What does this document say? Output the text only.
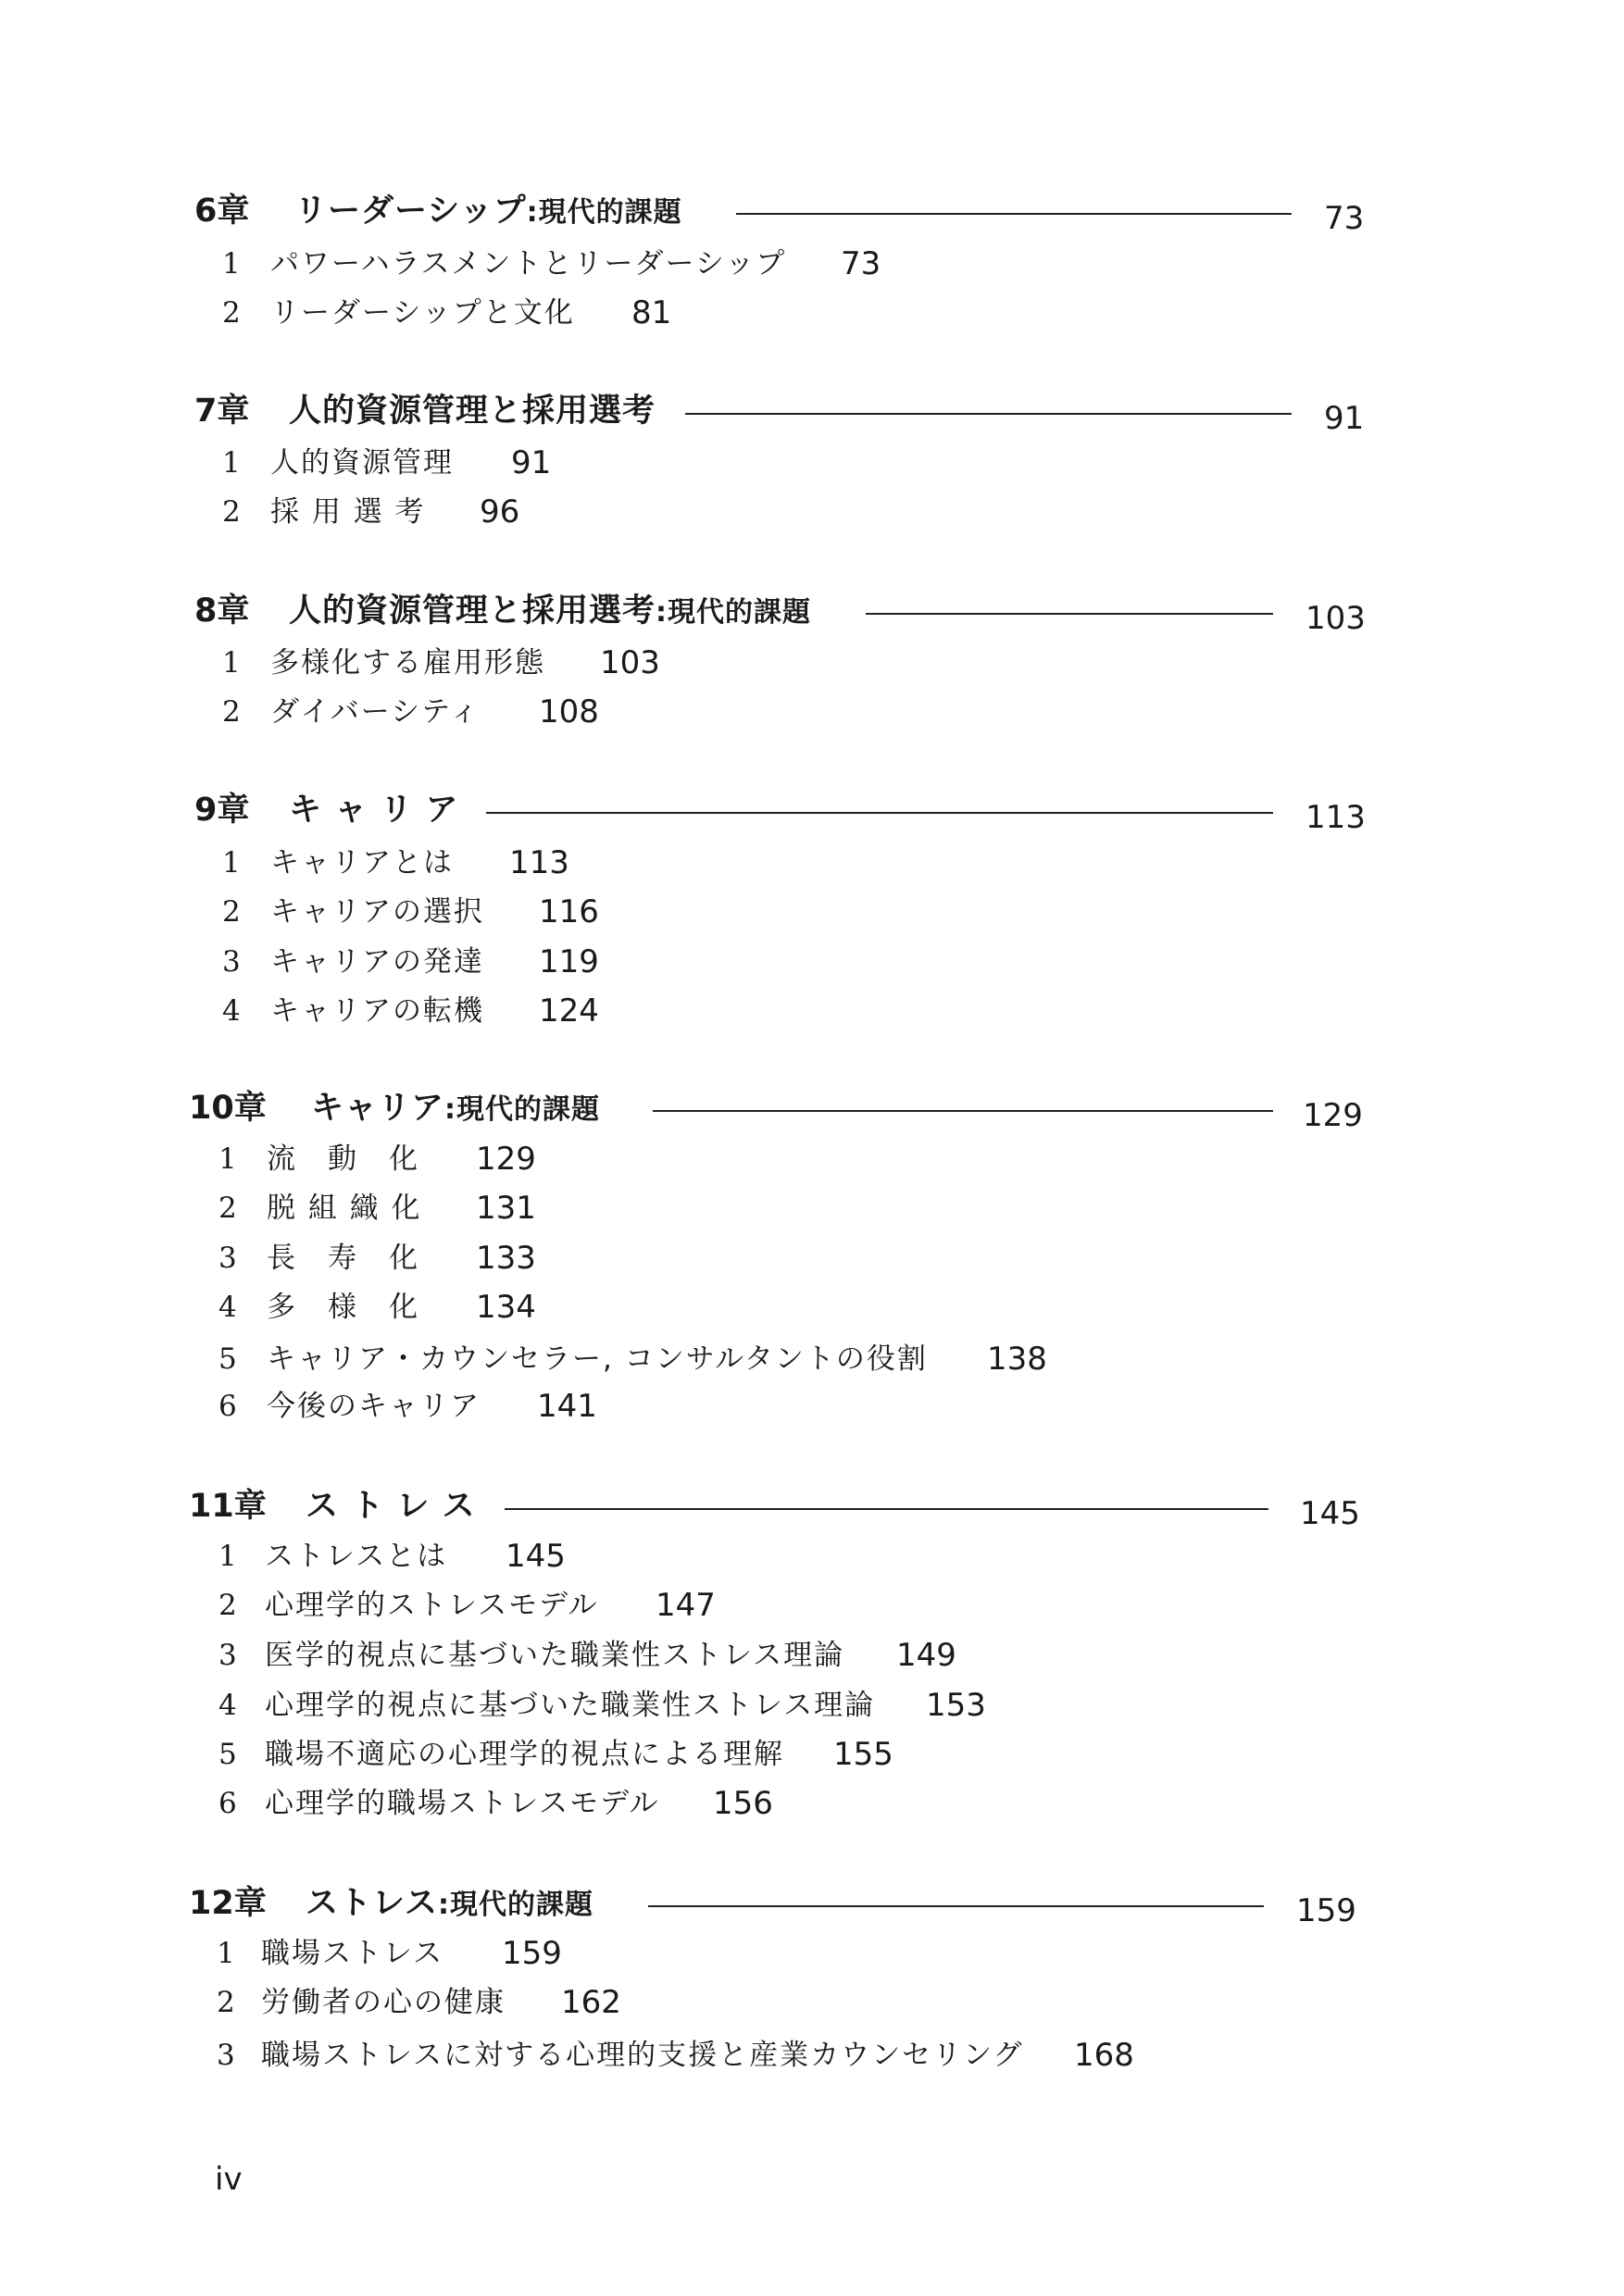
6章 リーダーシップ:現代的課題	73
1 パワーハラスメントとリーダーシップ 73
2 リーダーシップと文化 81
7章 人的資源管理と採用選考	91
1 人的資源管理 91
2 採 用 選 考 96
8章 人的資源管理と採用選考:現代的課題	103
1 多様化する雇用形態 103
2 ダイバーシティ 108
9章 キ ャ リ ア	113
1 キャリアとは 113
2 キャリアの選択 116
3 キャリアの発達 119
4 キャリアの転機 124
10章 キャリア:現代的課題	129
1 流　動　化 129
2 脱 組 織 化 131
3 長　寿　化 133
4 多　様　化 134
5 キャリア・カウンセラー, コンサルタントの役割 138
6 今後のキャリア 141
11章 ス ト レ ス	145
1 ストレスとは 145
2 心理学的ストレスモデル 147
3 医学的視点に基づいた職業性ストレス理論 149
4 心理学的視点に基づいた職業性ストレス理論 153
5 職場不適応の心理学的視点による理解 155
6 心理学的職場ストレスモデル 156
12章 ストレス:現代的課題	159
1 職場ストレス 159
2 労働者の心の健康 162
3 職場ストレスに対する心理的支援と産業カウンセリング 168
iv
